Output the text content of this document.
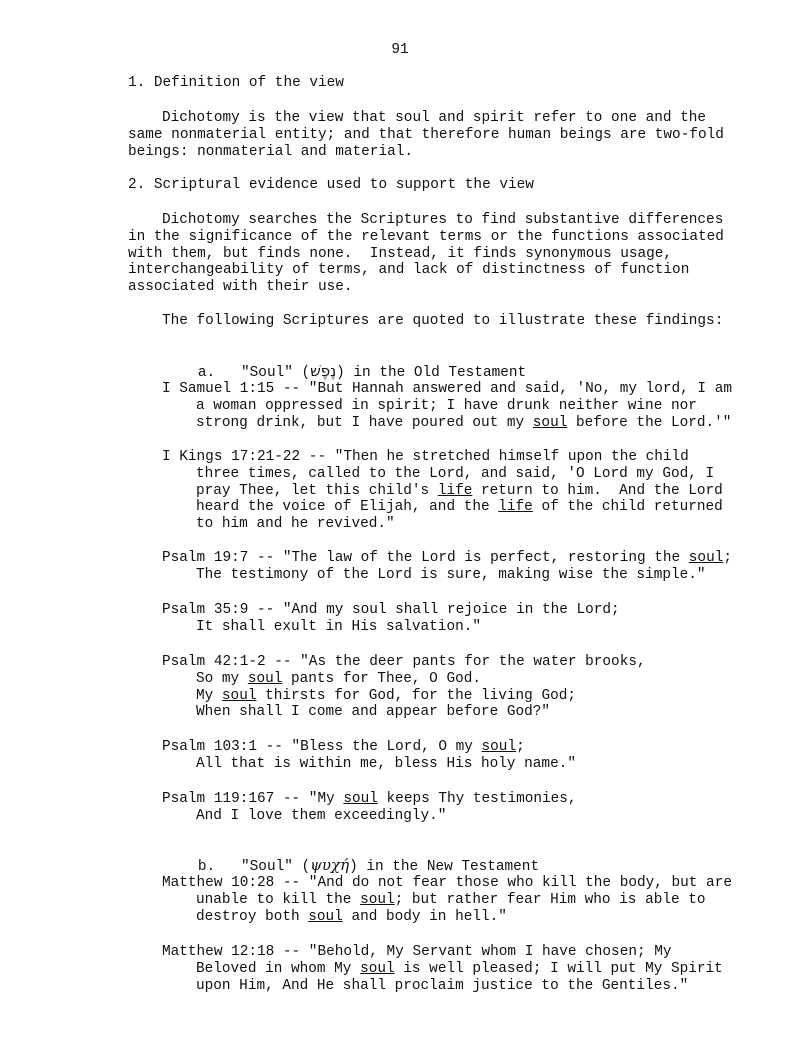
91
1. Definition of the view
Dichotomy is the view that soul and spirit refer to one and the
same nonmaterial entity; and that therefore human beings are two-fold
beings: nonmaterial and material.
2. Scriptural evidence used to support the view
Dichotomy searches the Scriptures to find substantive differences
in the significance of the relevant terms or the functions associated
with them, but finds none.  Instead, it finds synonymous usage,
interchangeability of terms, and lack of distinctness of function
associated with their use.
The following Scriptures are quoted to illustrate these findings:

a. "Soul" (נֶפֶשׁ) in the Old Testament

I Samuel 1:15 -- "But Hannah answered and said, 'No, my lord, I am
a woman oppressed in spirit; I have drunk neither wine nor
strong drink, but I have poured out my soul before the Lord.'"
I Kings 17:21-22 -- "Then he stretched himself upon the child
three times, called to the Lord, and said, 'O Lord my God, I
pray Thee, let this child's life return to him.  And the Lord
heard the voice of Elijah, and the life of the child returned
to him and he revived."
Psalm 19:7 -- "The law of the Lord is perfect, restoring the soul;
The testimony of the Lord is sure, making wise the simple."
Psalm 35:9 -- "And my soul shall rejoice in the Lord;
It shall exult in His salvation."
Psalm 42:1-2 -- "As the deer pants for the water brooks,
So my soul pants for Thee, O God.
My soul thirsts for God, for the living God;
When shall I come and appear before God?"
Psalm 103:1 -- "Bless the Lord, O my soul;
All that is within me, bless His holy name."
Psalm 119:167 -- "My soul keeps Thy testimonies,
And I love them exceedingly."

b. "Soul" (ψυχή) in the New Testament

Matthew 10:28 -- "And do not fear those who kill the body, but are
unable to kill the soul; but rather fear Him who is able to
destroy both soul and body in hell."
Matthew 12:18 -- "Behold, My Servant whom I have chosen; My
Beloved in whom My soul is well pleased; I will put My Spirit
upon Him, And He shall proclaim justice to the Gentiles."
